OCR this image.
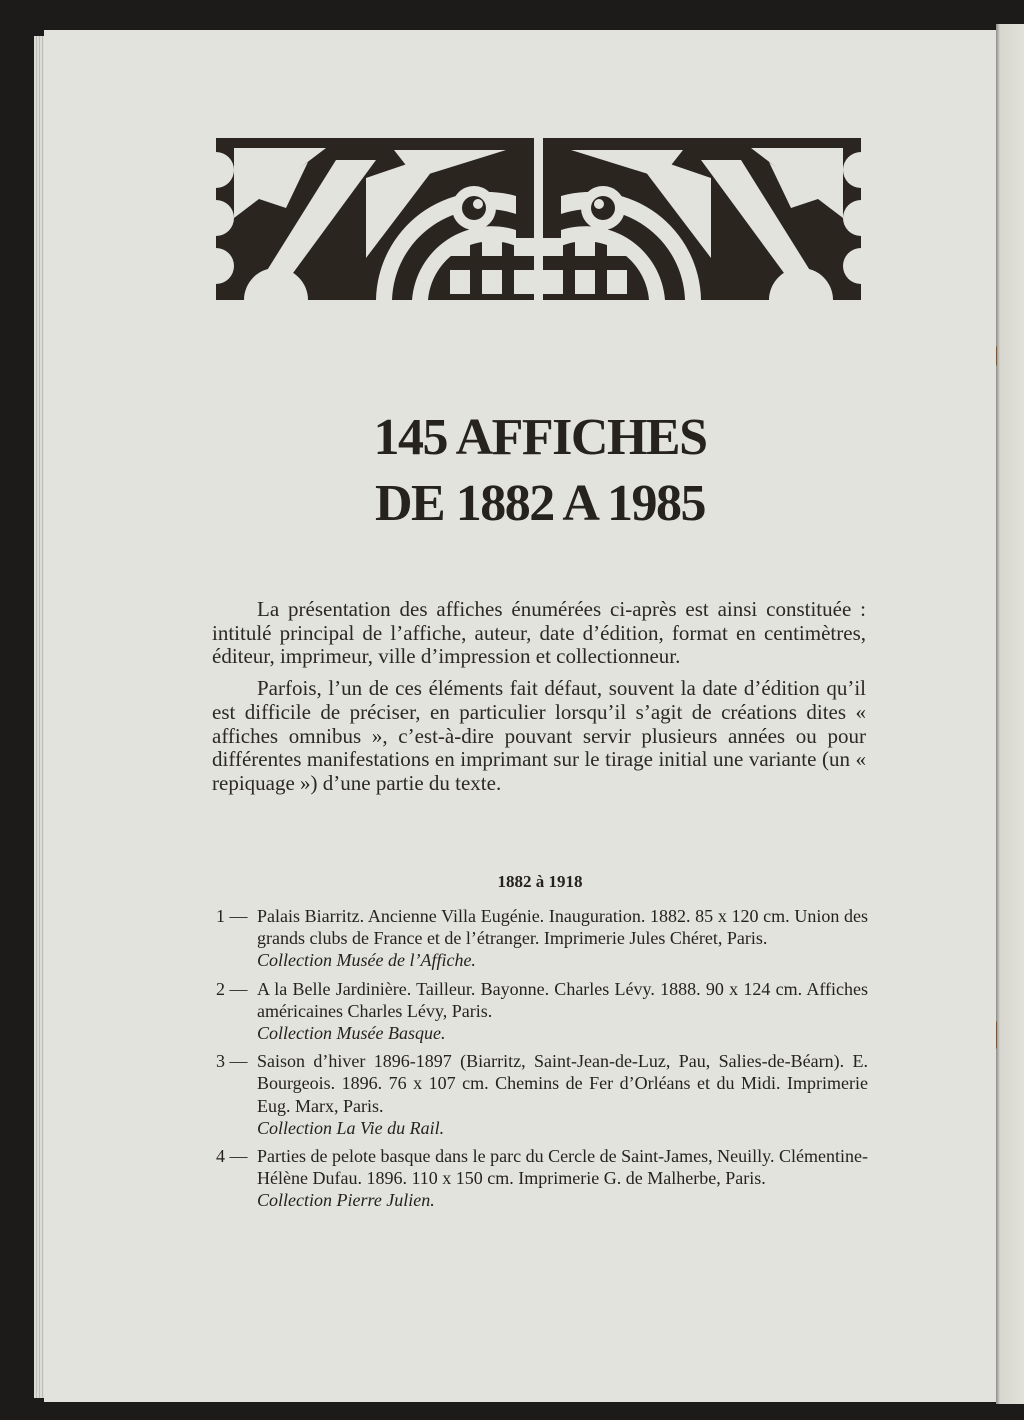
145 AFFICHES
DE 1882 A 1985

La présentation des affiches énumérées ci-après est ainsi constituée : intitulé principal de l’affiche, auteur, date d’édition, format en centimètres, éditeur, imprimeur, ville d’impression et collectionneur.

Parfois, l’un de ces éléments fait défaut, souvent la date d’édition qu’il est difficile de préciser, en particulier lorsqu’il s’agit de créations dites « affiches omnibus », c’est-à-dire pouvant servir plusieurs années ou pour différentes manifestations en imprimant sur le tirage initial une variante (un « repiquage ») d’une partie du texte.

1882 à 1918
1 — Palais Biarritz. Ancienne Villa Eugénie. Inauguration. 1882. 85 x 120 cm. Union des grands clubs de France et de l’étranger. Imprimerie Jules Chéret, Paris.
Collection Musée de l’Affiche.
2 — A la Belle Jardinière. Tailleur. Bayonne. Charles Lévy. 1888. 90 x 124 cm. Affiches américaines Charles Lévy, Paris.
Collection Musée Basque.
3 — Saison d’hiver 1896-1897 (Biarritz, Saint-Jean-de-Luz, Pau, Salies-de-Béarn). E. Bourgeois. 1896. 76 x 107 cm. Chemins de Fer d’Orléans et du Midi. Imprimerie Eug. Marx, Paris.
Collection La Vie du Rail.
4 — Parties de pelote basque dans le parc du Cercle de Saint-James, Neuilly. Clémentine-Hélène Dufau. 1896. 110 x 150 cm. Imprimerie G. de Malherbe, Paris.
Collection Pierre Julien.
